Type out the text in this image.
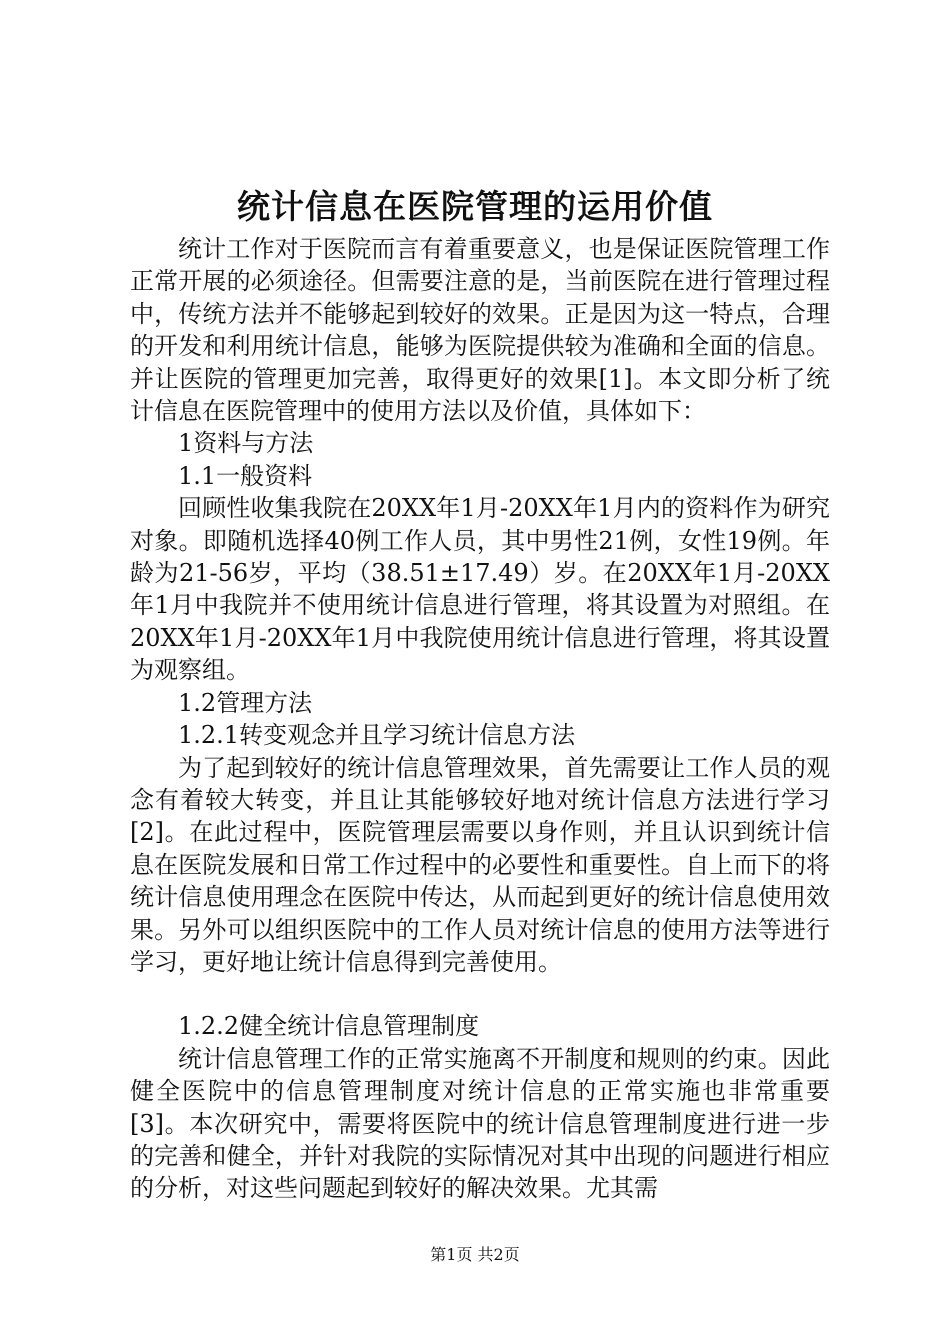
统计信息在医院管理的运用价值

统计工作对于医院而言有着重要意义，也是保证医院管理工作正常开展的必须途径。但需要注意的是，当前医院在进行管理过程中，传统方法并不能够起到较好的效果。正是因为这一特点，合理的开发和利用统计信息，能够为医院提供较为准确和全面的信息。并让医院的管理更加完善，取得更好的效果[1]。本文即分析了统计信息在医院管理中的使用方法以及价值，具体如下：

1资料与方法

1.1一般资料

回顾性收集我院在20XX年1月-20XX年1月内的资料作为研究对象。即随机选择40例工作人员，其中男性21例，女性19例。年龄为21-56岁，平均（38.51±17.49）岁。在20XX年1月-20XX年1月中我院并不使用统计信息进行管理，将其设置为对照组。在20XX年1月-20XX年1月中我院使用统计信息进行管理，将其设置为观察组。

1.2管理方法

1.2.1转变观念并且学习统计信息方法

为了起到较好的统计信息管理效果，首先需要让工作人员的观念有着较大转变，并且让其能够较好地对统计信息方法进行学习[2]。在此过程中，医院管理层需要以身作则，并且认识到统计信息在医院发展和日常工作过程中的必要性和重要性。自上而下的将统计信息使用理念在医院中传达，从而起到更好的统计信息使用效果。另外可以组织医院中的工作人员对统计信息的使用方法等进行学习，更好地让统计信息得到完善使用。

1.2.2健全统计信息管理制度

统计信息管理工作的正常实施离不开制度和规则的约束。因此健全医院中的信息管理制度对统计信息的正常实施也非常重要[3]。本次研究中，需要将医院中的统计信息管理制度进行进一步的完善和健全，并针对我院的实际情况对其中出现的问题进行相应的分析，对这些问题起到较好的解决效果。尤其需

第1页 共2页
